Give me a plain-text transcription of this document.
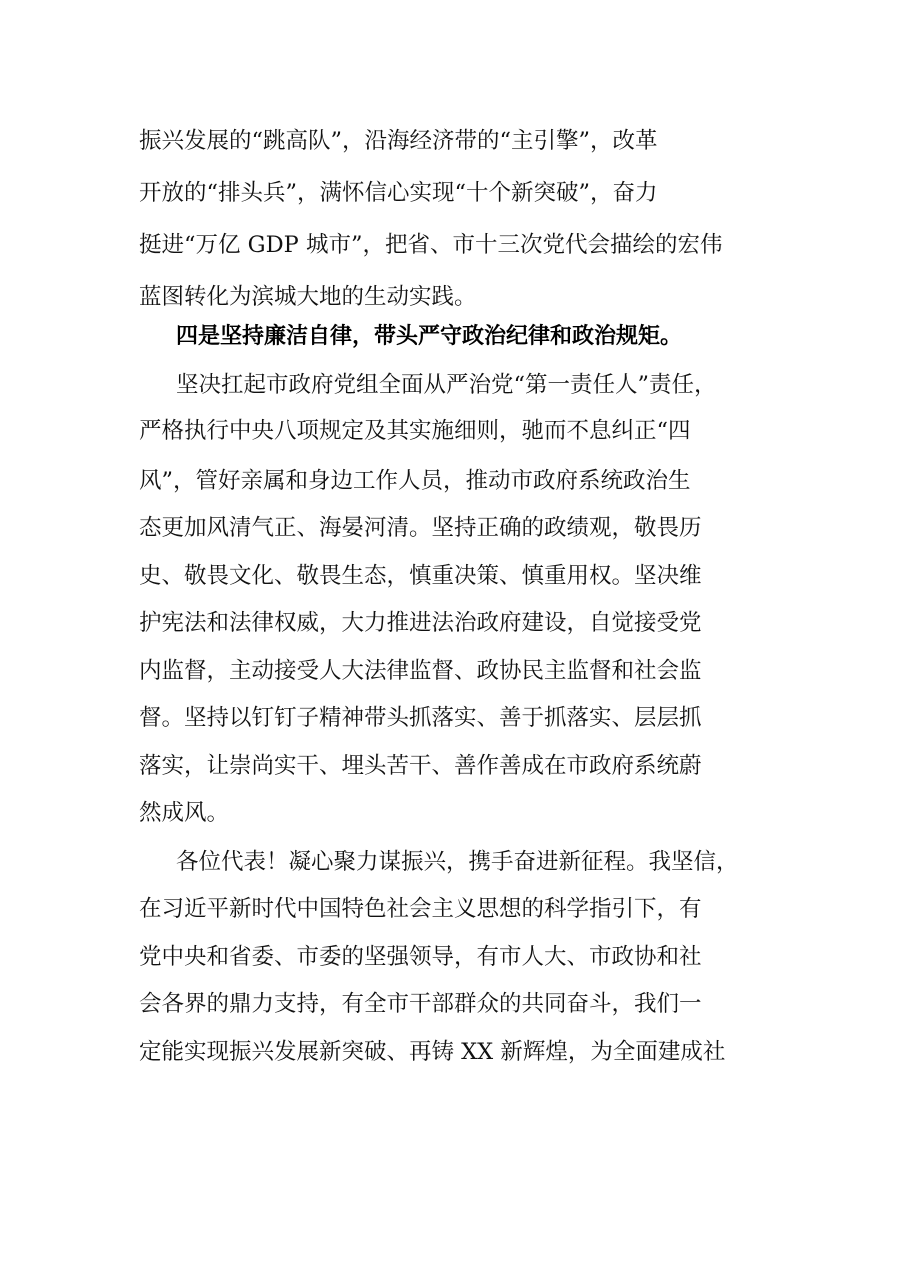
振兴发展的“跳高队”，沿海经济带的“主引擎”，改革
开放的“排头兵”，满怀信心实现“十个新突破”，奋力
挺进“万亿 GDP 城市”，把省、市十三次党代会描绘的宏伟
蓝图转化为滨城大地的生动实践。
四是坚持廉洁自律，带头严守政治纪律和政治规矩。
坚决扛起市政府党组全面从严治党“第一责任人”责任，
严格执行中央八项规定及其实施细则，驰而不息纠正“四
风”，管好亲属和身边工作人员，推动市政府系统政治生
态更加风清气正、海晏河清。坚持正确的政绩观，敬畏历
史、敬畏文化、敬畏生态，慎重决策、慎重用权。坚决维
护宪法和法律权威，大力推进法治政府建设，自觉接受党
内监督，主动接受人大法律监督、政协民主监督和社会监
督。坚持以钉钉子精神带头抓落实、善于抓落实、层层抓
落实，让崇尚实干、埋头苦干、善作善成在市政府系统蔚
然成风。
各位代表！凝心聚力谋振兴，携手奋进新征程。我坚信，
在习近平新时代中国特色社会主义思想的科学指引下，有
党中央和省委、市委的坚强领导，有市人大、市政协和社
会各界的鼎力支持，有全市干部群众的共同奋斗，我们一
定能实现振兴发展新突破、再铸 XX 新辉煌，为全面建成社
